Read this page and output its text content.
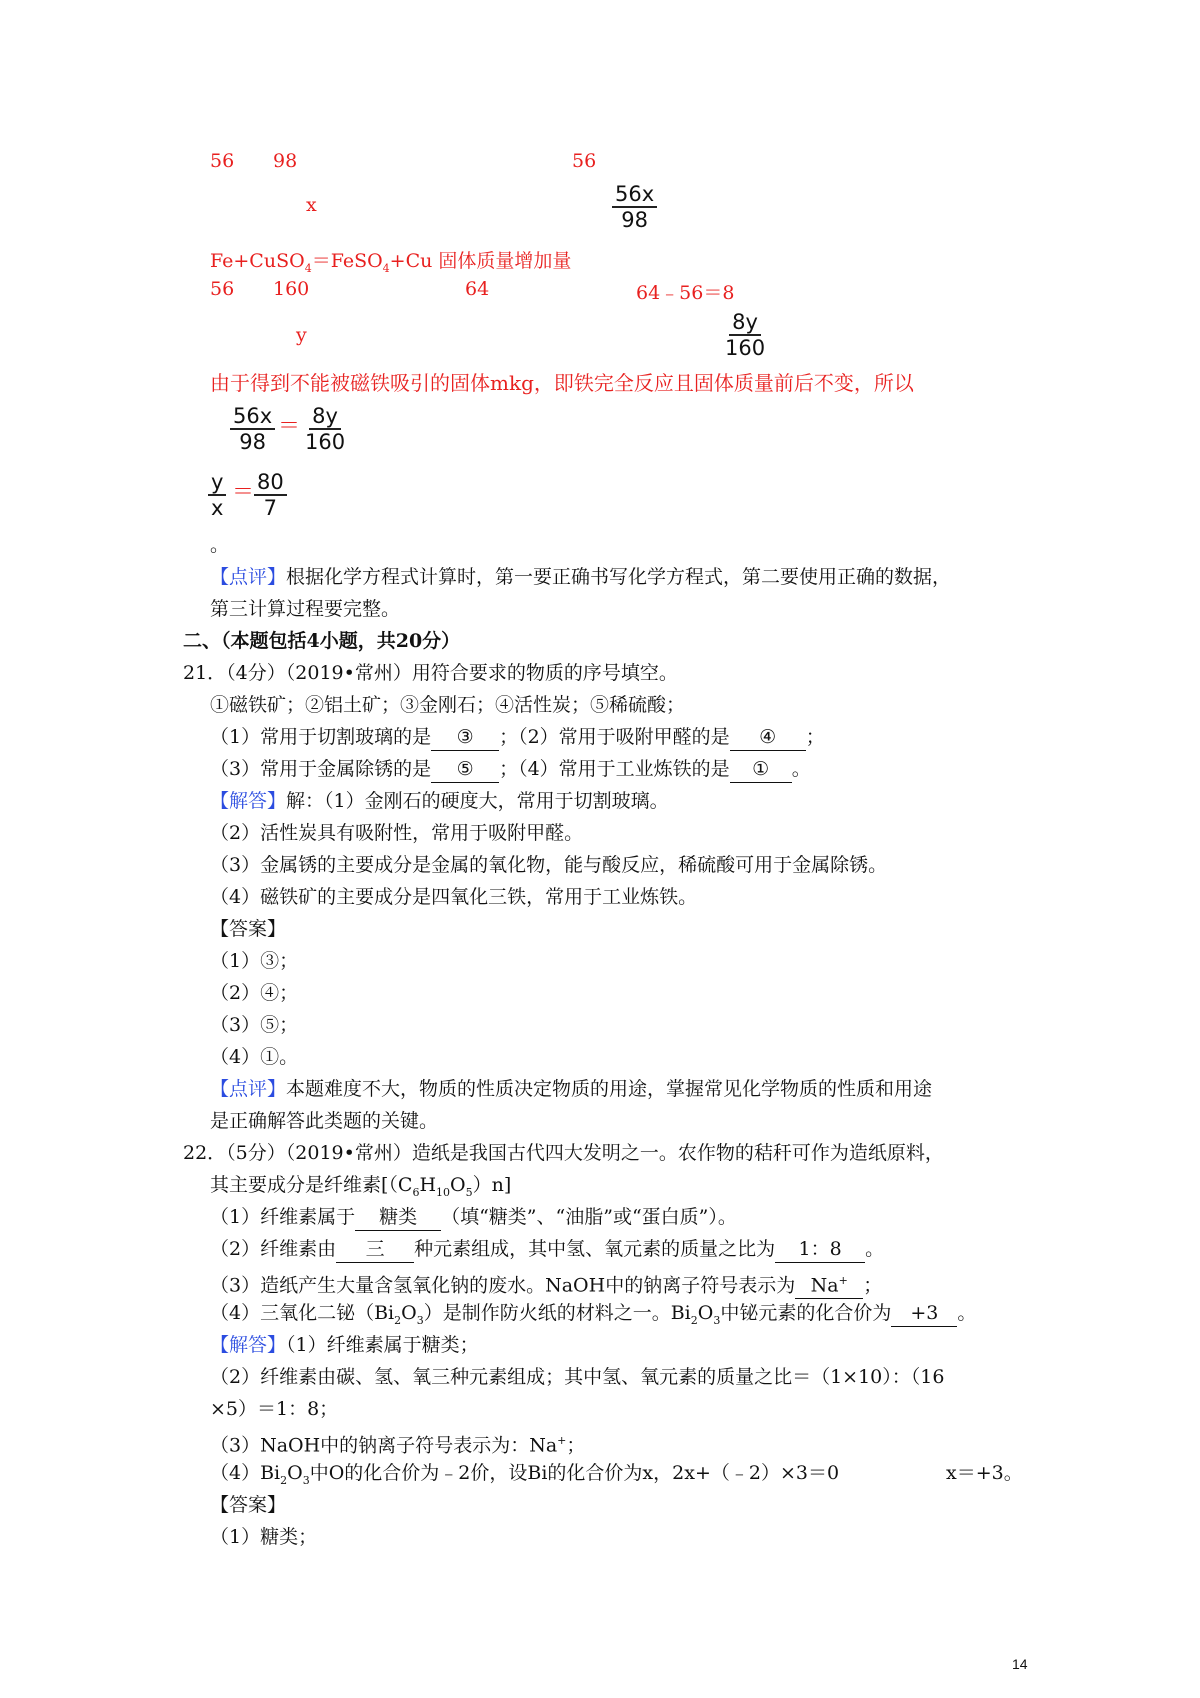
56 98	56
x	$\frac{56x}{98}$
Fe+CuSO$_4$＝FeSO$_4$+Cu 固体质量增加量
56 160	64	64﹣56＝8
y	$\frac{8y}{160}$
由于得到不能被磁铁吸引的固体mkg，即铁完全反应且固体质量前后不变，所以
$\frac{56x}{98} = \frac{8y}{160}$
$\frac{y}{x} = \frac{80}{7}$
。
【点评】根据化学方程式计算时，第一要正确书写化学方程式，第二要使用正确的数据，
第三计算过程要完整。
二、（本题包括4小题，共20分）
21．（4分）（2019•常州）用符合要求的物质的序号填空。
①磁铁矿；②铝土矿；③金刚石；④活性炭；⑤稀硫酸；
（1）常用于切割玻璃的是 ③ ；（2）常用于吸附甲醛的是 ④ ；
（3）常用于金属除锈的是 ⑤ ；（4）常用于工业炼铁的是 ① 。
【解答】解：（1）金刚石的硬度大，常用于切割玻璃。
（2）活性炭具有吸附性，常用于吸附甲醛。
（3）金属锈的主要成分是金属的氧化物，能与酸反应，稀硫酸可用于金属除锈。
（4）磁铁矿的主要成分是四氧化三铁，常用于工业炼铁。
【答案】
（1）③；
（2）④；
（3）⑤；
（4）①。
【点评】本题难度不大，物质的性质决定物质的用途，掌握常见化学物质的性质和用途
是正确解答此类题的关键。
22．（5分）（2019•常州）造纸是我国古代四大发明之一。农作物的秸秆可作为造纸原料，
其主要成分是纤维素$[(C_6H_{10}O_5)n]$
（1）纤维素属于 糖类 （填“糖类”、“油脂”或“蛋白质”）。
（2）纤维素由 三 种元素组成，其中氢、氧元素的质量之比为 1：8 。
（3）造纸产生大量含氢氧化钠的废水。NaOH中的钠离子符号表示为 Na+ ；
（4）三氧化二铋$(Bi_2O_3)$是制作防火纸的材料之一。$Bi_2O_3$中铋元素的化合价为 +3 。
【解答】（1）纤维素属于糖类；
（2）纤维素由碳、氢、氧三种元素组成；其中氢、氧元素的质量之比＝（1×10）：（16
×5）＝1：8；
（3）NaOH中的钠离子符号表示为：Na+；
$(4)Bi_2O_3$中O的化合价为﹣2价，设Bi的化合价为x，2x+（﹣2）×3＝0	x＝+3。
【答案】
（1）糖类；
14
